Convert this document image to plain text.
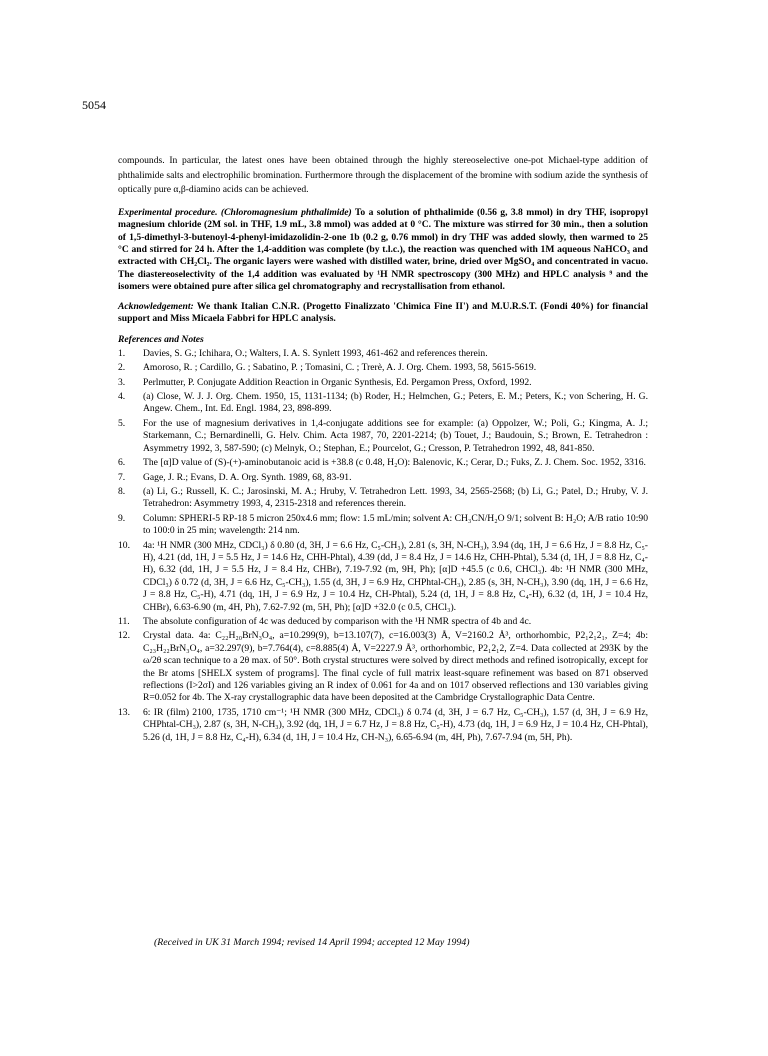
5054

compounds. In particular, the latest ones have been obtained through the highly stereoselective one-pot Michael-type addition of phthalimide salts and electrophilic bromination. Furthermore through the displacement of the bromine with sodium azide the synthesis of optically pure α,β-diamino acids can be achieved.

Experimental procedure. (Chloromagnesium phthalimide) To a solution of phthalimide (0.56 g, 3.8 mmol) in dry THF, isopropyl magnesium chloride (2M sol. in THF, 1.9 mL, 3.8 mmol) was added at 0 °C. The mixture was stirred for 30 min., then a solution of 1,5-dimethyl-3-butenoyl-4-phenyl-imidazolidin-2-one 1b (0.2 g, 0.76 mmol) in dry THF was added slowly, then warmed to 25 °C and stirred for 24 h. After the 1,4-addition was complete (by t.l.c.), the reaction was quenched with 1M aqueous NaHCO₃ and extracted with CH₂Cl₂. The organic layers were washed with distilled water, brine, dried over MgSO₄ and concentrated in vacuo. The diastereoselectivity of the 1,4 addition was evaluated by ¹H NMR spectroscopy (300 MHz) and HPLC analysis ⁹ and the isomers were obtained pure after silica gel chromatography and recrystallisation from ethanol.

Acknowledgement: We thank Italian C.N.R. (Progetto Finalizzato 'Chimica Fine II') and M.U.R.S.T. (Fondi 40%) for financial support and Miss Micaela Fabbri for HPLC analysis.

References and Notes
1. Davies, S. G.; Ichihara, O.; Walters, I. A. S. Synlett 1993, 461-462 and references therein.
2. Amoroso, R. ; Cardillo, G. ; Sabatino, P. ; Tomasini, C. ; Trerè, A. J. Org. Chem. 1993, 58, 5615-5619.
3. Perlmutter, P. Conjugate Addition Reaction in Organic Synthesis, Ed. Pergamon Press, Oxford, 1992.
4. (a) Close, W. J. J. Org. Chem. 1950, 15, 1131-1134; (b) Roder, H.; Helmchen, G.; Peters, E. M.; Peters, K.; von Schering, H. G. Angew. Chem., Int. Ed. Engl. 1984, 23, 898-899.
5. For the use of magnesium derivatives in 1,4-conjugate additions see for example: (a) Oppolzer, W.; Poli, G.; Kingma, A. J.; Starkemann, C.; Bernardinelli, G. Helv. Chim. Acta 1987, 70, 2201-2214; (b) Touet, J.; Baudouin, S.; Brown, E. Tetrahedron : Asymmetry 1992, 3, 587-590; (c) Melnyk, O.; Stephan, E.; Pourcelot, G.; Cresson, P. Tetrahedron 1992, 48, 841-850.
6. The [α]D value of (S)-(+)-aminobutanoic acid is +38.8 (c 0.48, H₂O): Balenovic, K.; Cerar, D.; Fuks, Z. J. Chem. Soc. 1952, 3316.
7. Gage, J. R.; Evans, D. A. Org. Synth. 1989, 68, 83-91.
8. (a) Li, G.; Russell, K. C.; Jarosinski, M. A.; Hruby, V. Tetrahedron Lett. 1993, 34, 2565-2568; (b) Li, G.; Patel, D.; Hruby, V. J. Tetrahedron: Asymmetry 1993, 4, 2315-2318 and references therein.
9. Column: SPHERI-5 RP-18 5 micron 250x4.6 mm; flow: 1.5 mL/min; solvent A: CH₃CN/H₂O 9/1; solvent B: H₂O; A/B ratio 10:90 to 100:0 in 25 min; wavelength: 214 nm.
10. 4a: ¹H NMR (300 MHz, CDCl₃) δ 0.80 (d, 3H, J = 6.6 Hz, C₅-CH₃), 2.81 (s, 3H, N-CH₃), 3.94 (dq, 1H, J = 6.6 Hz, J = 8.8 Hz, C₅-H), 4.21 (dd, 1H, J = 5.5 Hz, J = 14.6 Hz, CHH-Phtal), 4.39 (dd, J = 8.4 Hz, J = 14.6 Hz, CHH-Phtal), 5.34 (d, 1H, J = 8.8 Hz, C₄-H), 6.32 (dd, 1H, J = 5.5 Hz, J = 8.4 Hz, CHBr), 7.19-7.92 (m, 9H, Ph); [α]D +45.5 (c 0.6, CHCl₃). 4b: ¹H NMR (300 MHz, CDCl₃) δ 0.72 (d, 3H, J = 6.6 Hz, C₅-CH₃), 1.55 (d, 3H, J = 6.9 Hz, CHPhtal-CH₃), 2.85 (s, 3H, N-CH₃), 3.90 (dq, 1H, J = 6.6 Hz, J = 8.8 Hz, C₅-H), 4.71 (dq, 1H, J = 6.9 Hz, J = 10.4 Hz, CH-Phtal), 5.24 (d, 1H, J = 8.8 Hz, C₄-H), 6.32 (d, 1H, J = 10.4 Hz, CHBr), 6.63-6.90 (m, 4H, Ph), 7.62-7.92 (m, 5H, Ph); [α]D +32.0 (c 0.5, CHCl₃).
11. The absolute configuration of 4c was deduced by comparison with the ¹H NMR spectra of 4b and 4c.
12. Crystal data. 4a: C₂₂H₂₀BrN₃O₄, a=10.299(9), b=13.107(7), c=16.003(3) Å, V=2160.2 Å³, orthorhombic, P2₁2₁2₁, Z=4; 4b: C₂₃H₂₂BrN₃O₄, a=32.297(9), b=7.764(4), c=8.885(4) Å, V=2227.9 Å³, orthorhombic, P2₁2₁2, Z=4. Data collected at 293K by the ω/2θ scan technique to a 2θ max. of 50°. Both crystal structures were solved by direct methods and refined isotropically, except for the Br atoms [SHELX system of programs]. The final cycle of full matrix least-square refinement was based on 871 observed reflections (I>2σI) and 126 variables giving an R index of 0.061 for 4a and on 1017 observed reflections and 130 variables giving R=0.052 for 4b. The X-ray crystallographic data have been deposited at the Cambridge Crystallographic Data Centre.
13. 6: IR (film) 2100, 1735, 1710 cm⁻¹; ¹H NMR (300 MHz, CDCl₃) δ 0.74 (d, 3H, J = 6.7 Hz, C₅-CH₃), 1.57 (d, 3H, J = 6.9 Hz, CHPhtal-CH₃), 2.87 (s, 3H, N-CH₃), 3.92 (dq, 1H, J = 6.7 Hz, J = 8.8 Hz, C₅-H), 4.73 (dq, 1H, J = 6.9 Hz, J = 10.4 Hz, CH-Phtal), 5.26 (d, 1H, J = 8.8 Hz, C₄-H), 6.34 (d, 1H, J = 10.4 Hz, CH-N₃), 6.65-6.94 (m, 4H, Ph), 7.67-7.94 (m, 5H, Ph).
(Received in UK 31 March 1994; revised 14 April 1994; accepted 12 May 1994)
